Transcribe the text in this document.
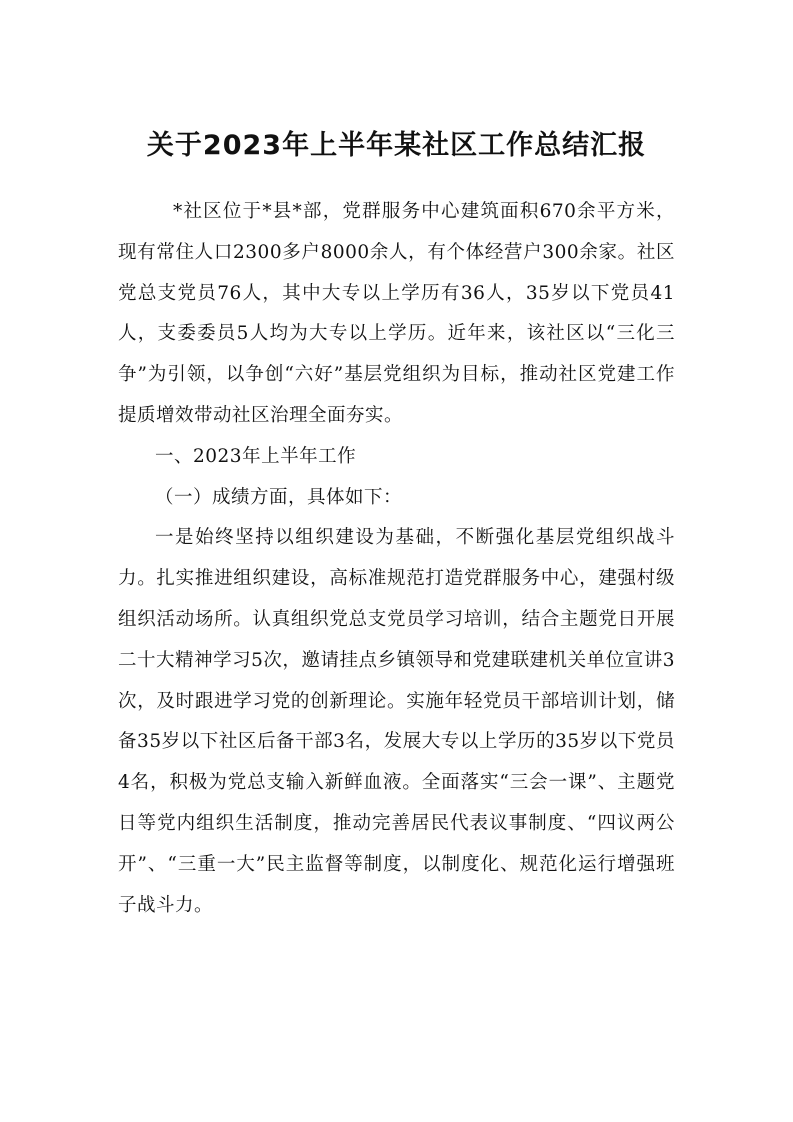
关于2023年上半年某社区工作总结汇报

*社区位于*县*部，党群服务中心建筑面积670余平方米，现有常住人口2300多户8000余人，有个体经营户300余家。社区党总支党员76人，其中大专以上学历有36人，35岁以下党员41人，支委委员5人均为大专以上学历。近年来，该社区以“三化三争”为引领，以争创“六好”基层党组织为目标，推动社区党建工作提质增效带动社区治理全面夯实。

一、2023年上半年工作

（一）成绩方面，具体如下：

一是始终坚持以组织建设为基础，不断强化基层党组织战斗力。扎实推进组织建设，高标准规范打造党群服务中心，建强村级组织活动场所。认真组织党总支党员学习培训，结合主题党日开展二十大精神学习5次，邀请挂点乡镇领导和党建联建机关单位宣讲3次，及时跟进学习党的创新理论。实施年轻党员干部培训计划，储备35岁以下社区后备干部3名，发展大专以上学历的35岁以下党员4名，积极为党总支输入新鲜血液。全面落实“三会一课”、主题党日等党内组织生活制度，推动完善居民代表议事制度、“四议两公开”、“三重一大”民主监督等制度，以制度化、规范化运行增强班子战斗力。
